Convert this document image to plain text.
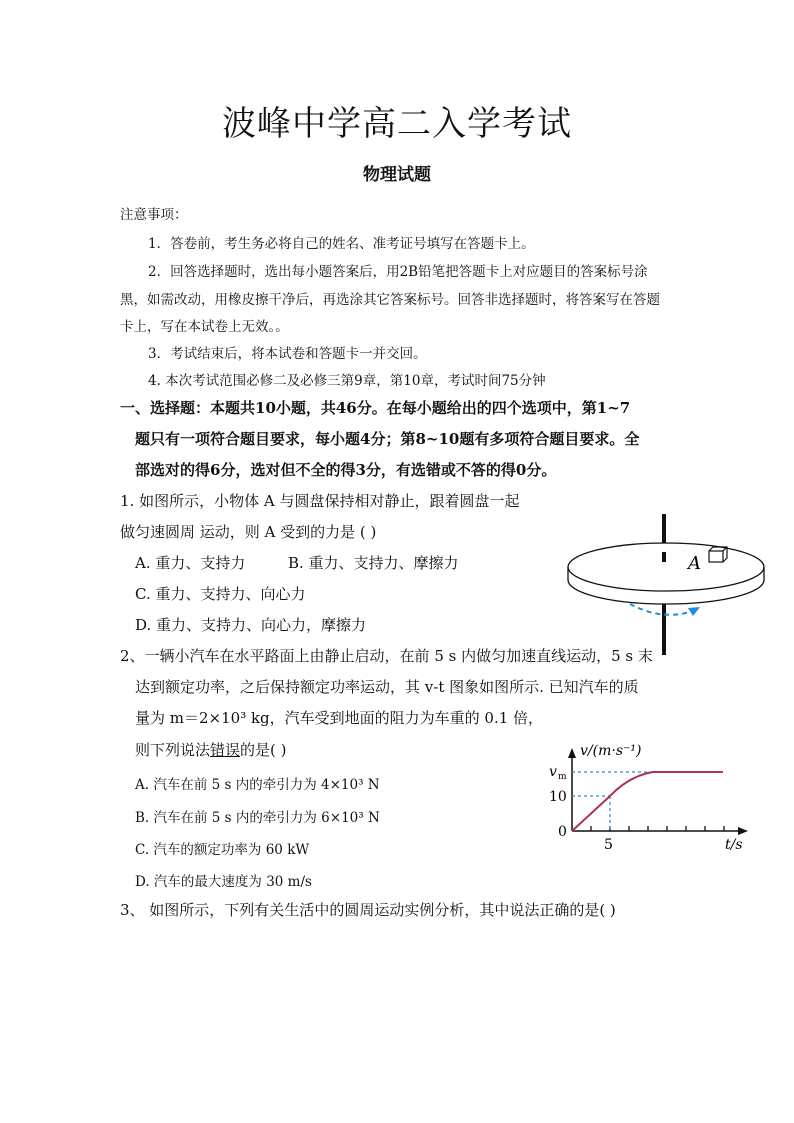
波峰中学高二入学考试
物理试题
注意事项：
1．答卷前，考生务必将自己的姓名、准考证号填写在答题卡上。
2．回答选择题时，选出每小题答案后，用2B铅笔把答题卡上对应题目的答案标号涂
黑，如需改动，用橡皮擦干净后，再选涂其它答案标号。回答非选择题时，将答案写在答题
卡上，写在本试卷上无效。。
3．考试结束后，将本试卷和答题卡一并交回。
4. 本次考试范围必修二及必修三第9章，第10章，考试时间75分钟
一、选择题：本题共10小题，共46分。在每小题给出的四个选项中，第1~7
题只有一项符合题目要求，每小题4分；第8~10题有多项符合题目要求。全
部选对的得6分，选对但不全的得3分，有选错或不答的得0分。
1. 如图所示，小物体 A 与圆盘保持相对静止，跟着圆盘一起
做匀速圆周 运动，则 A 受到的力是 ( )
A. 重力、支持力	B. 重力、支持力、摩擦力
C. 重力、支持力、向心力
D. 重力、支持力、向心力，摩擦力
A
2、一辆小汽车在水平路面上由静止启动，在前 5 s 内做匀加速直线运动，5 s 末
达到额定功率，之后保持额定功率运动，其 v-t 图象如图所示. 已知汽车的质
量为 m＝2×10³ kg，汽车受到地面的阻力为车重的 0.1 倍，
则下列说法错误的是( )
A. 汽车在前 5 s 内的牵引力为 4×10³ N
B. 汽车在前 5 s 内的牵引力为 6×10³ N
C. 汽车的额定功率为 60 kW
D. 汽车的最大速度为 30 m/s
v/(m·s⁻¹)
v m
10
0
5	t/s
3、 如图所示，下列有关生活中的圆周运动实例分析，其中说法正确的是( )
